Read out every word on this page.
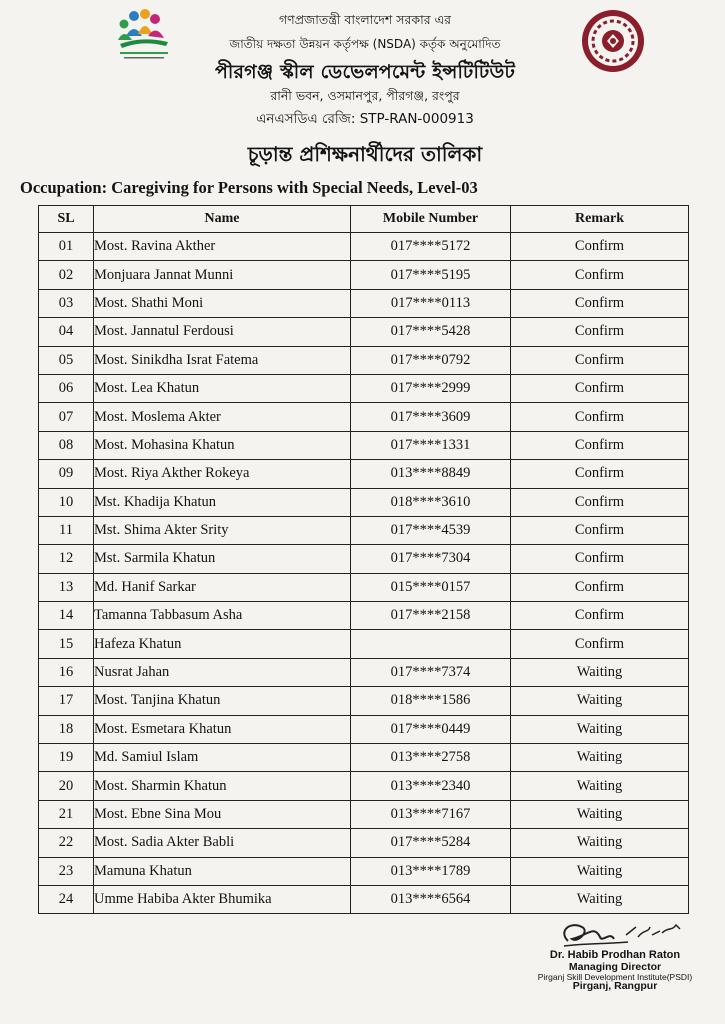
গণপ্রজাতন্ত্রী বাংলাদেশ সরকার এর
জাতীয় দক্ষতা উন্নয়ন কর্তৃপক্ষ (NSDA) কর্তৃক অনুমোদিত
পীরগঞ্জ স্কীল ডেভেলপমেন্ট ইন্সটিটিউট
রানী ভবন, ওসমানপুর, পীরগঞ্জ, রংপুর
এনএসডিএ রেজি: STP-RAN-000913
চূড়ান্ত প্রশিক্ষনার্থীদের তালিকা
Occupation: Caregiving for Persons with Special Needs, Level-03
SL	Name	Mobile Number	Remark
01	Most. Ravina Akther	017****5172	Confirm
02	Monjuara Jannat Munni	017****5195	Confirm
03	Most. Shathi Moni	017****0113	Confirm
04	Most. Jannatul Ferdousi	017****5428	Confirm
05	Most. Sinikdha Israt Fatema	017****0792	Confirm
06	Most. Lea Khatun	017****2999	Confirm
07	Most. Moslema Akter	017****3609	Confirm
08	Most. Mohasina Khatun	017****1331	Confirm
09	Most. Riya Akther Rokeya	013****8849	Confirm
10	Mst. Khadija Khatun	018****3610	Confirm
11	Mst. Shima Akter Srity	017****4539	Confirm
12	Mst. Sarmila Khatun	017****7304	Confirm
13	Md. Hanif Sarkar	015****0157	Confirm
14	Tamanna Tabbasum Asha	017****2158	Confirm
15	Hafeza Khatun		Confirm
16	Nusrat Jahan	017****7374	Waiting
17	Most. Tanjina Khatun	018****1586	Waiting
18	Most. Esmetara Khatun	017****0449	Waiting
19	Md. Samiul Islam	013****2758	Waiting
20	Most. Sharmin Khatun	013****2340	Waiting
21	Most. Ebne Sina Mou	013****7167	Waiting
22	Most. Sadia Akter Babli	017****5284	Waiting
23	Mamuna Khatun	013****1789	Waiting
24	Umme Habiba Akter Bhumika	013****6564	Waiting
Dr. Habib Prodhan Raton
Managing Director
Pirganj Skill Development Institute(PSDI)
Pirganj, Rangpur
